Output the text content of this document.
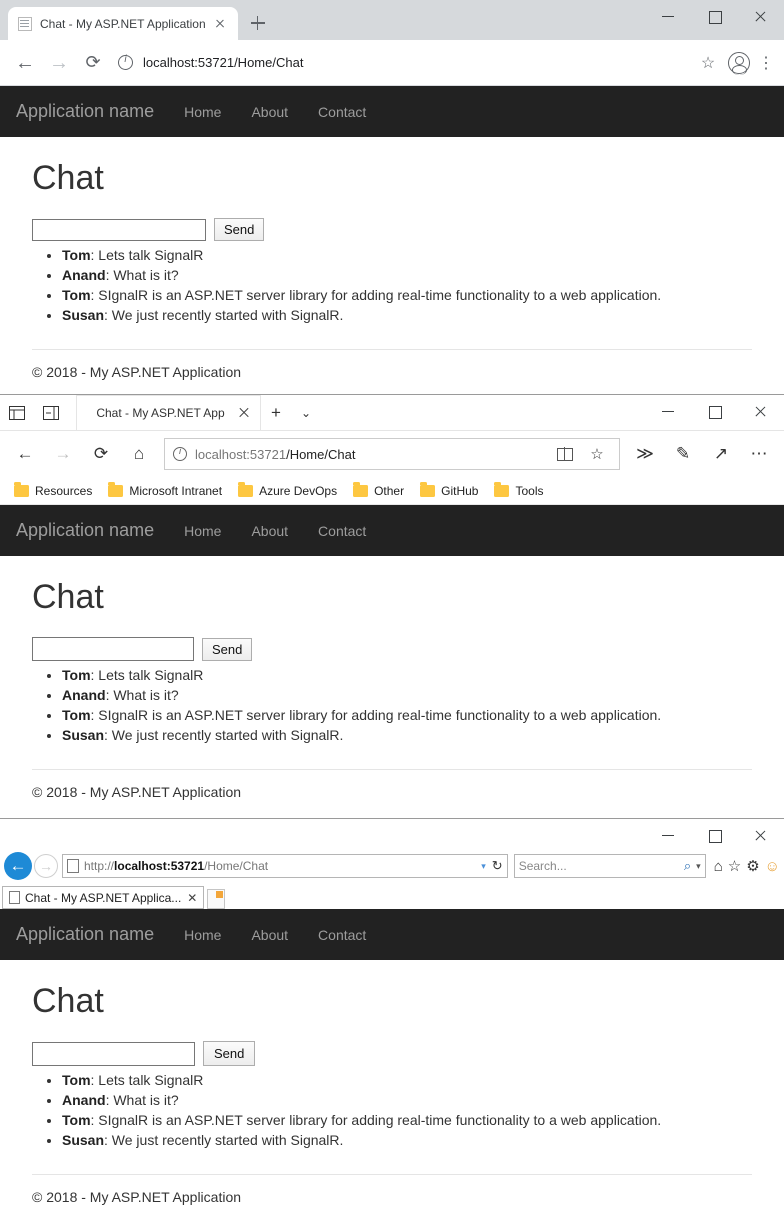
Chat - My ASP.NET Application
← → ⟳ i	localhost:53721/Home/Chat	☆	⋮
Application name	Home	About	Contact
Chat
Send
• Tom: Lets talk SignalR
• Anand: What is it?
• Tom: SIgnalR is an ASP.NET server library for adding real-time functionality to a web application.
• Susan: We just recently started with SignalR.
© 2018 - My ASP.NET Application
Chat - My ASP.NET App	+	⌄
←	→	⟳	⌂ i	localhost:53721/Home/Chat	☆	≫	✎	↗	⋯
Resources	Microsoft Intranet	Azure DevOps	Other	GitHub	Tools
Application name	Home	About	Contact
Chat
Send
• Tom: Lets talk SignalR
• Anand: What is it?
• Tom: SIgnalR is an ASP.NET server library for adding real-time functionality to a web application.
• Susan: We just recently started with SignalR.
© 2018 - My ASP.NET Application
← →	http://localhost:53721/Home/Chat	▾ ↻ Search...	⌕ ▾ ⌂ ☆ ⚙ ☺
Chat - My ASP.NET Applica... ✕
Application name	Home	About	Contact
Chat
Send
• Tom: Lets talk SignalR
• Anand: What is it?
• Tom: SIgnalR is an ASP.NET server library for adding real-time functionality to a web application.
• Susan: We just recently started with SignalR.
© 2018 - My ASP.NET Application
